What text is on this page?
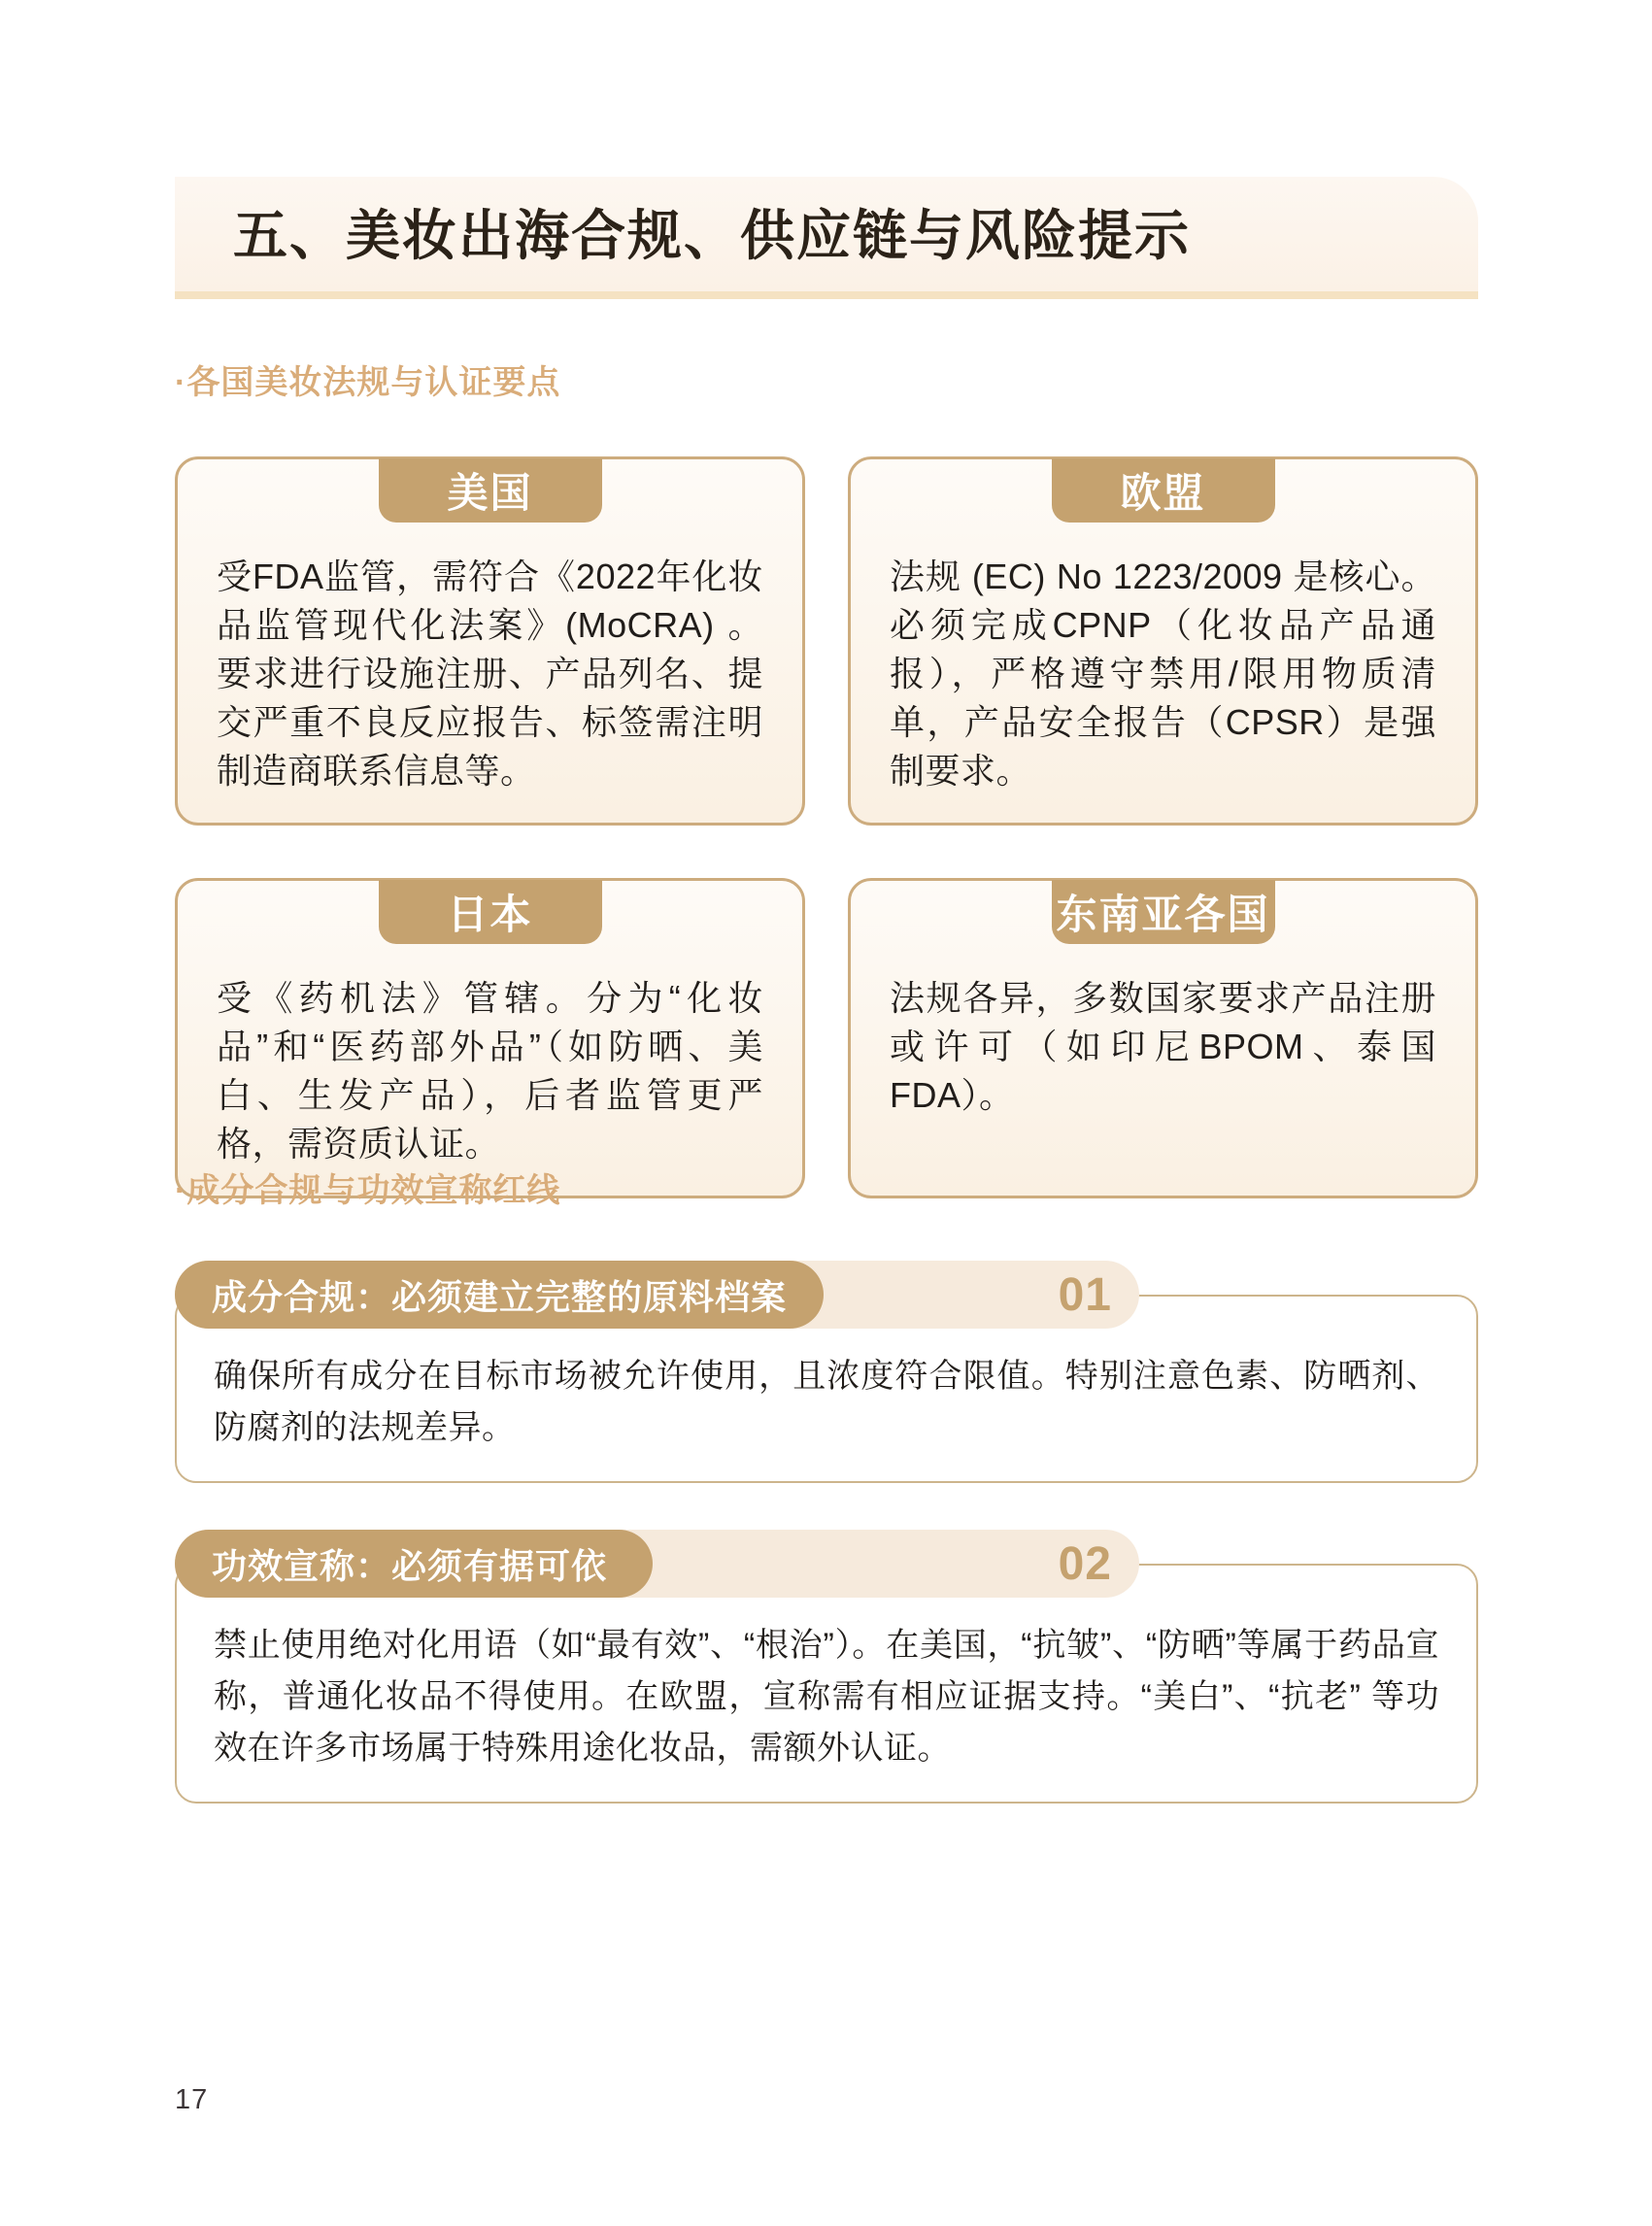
五、美妆出海合规、供应链与风险提示
·各国美妆法规与认证要点
美国

受FDA监管，需符合《2022年化妆品监管现代化法案》(MoCRA) 。要求进行设施注册、产品列名、提交严重不良反应报告、标签需注明制造商联系信息等。

欧盟

法规 (EC) No 1223/2009 是核心。必须完成CPNP（化妆品产品通报），严格遵守禁用/限用物质清单，产品安全报告（CPSR）是强制要求。

日本

受《药机法》管辖。分为“化妆品”和“医药部外品”（如防晒、美白、生发产品），后者监管更严格，需资质认证。

东南亚各国

法规各异，多数国家要求产品注册或许可（如印尼BPOM、泰国FDA）。

·成分合规与功效宣称红线
01
成分合规：必须建立完整的原料档案

确保所有成分在目标市场被允许使用，且浓度符合限值。特别注意色素、防晒剂、防腐剂的法规差异。

02
功效宣称：必须有据可依

禁止使用绝对化用语（如“最有效”、“根治”）。在美国，“抗皱”、“防晒”等属于药品宣称，普通化妆品不得使用。在欧盟，宣称需有相应证据支持。“美白”、“抗老” 等功效在许多市场属于特殊用途化妆品，需额外认证。

17
